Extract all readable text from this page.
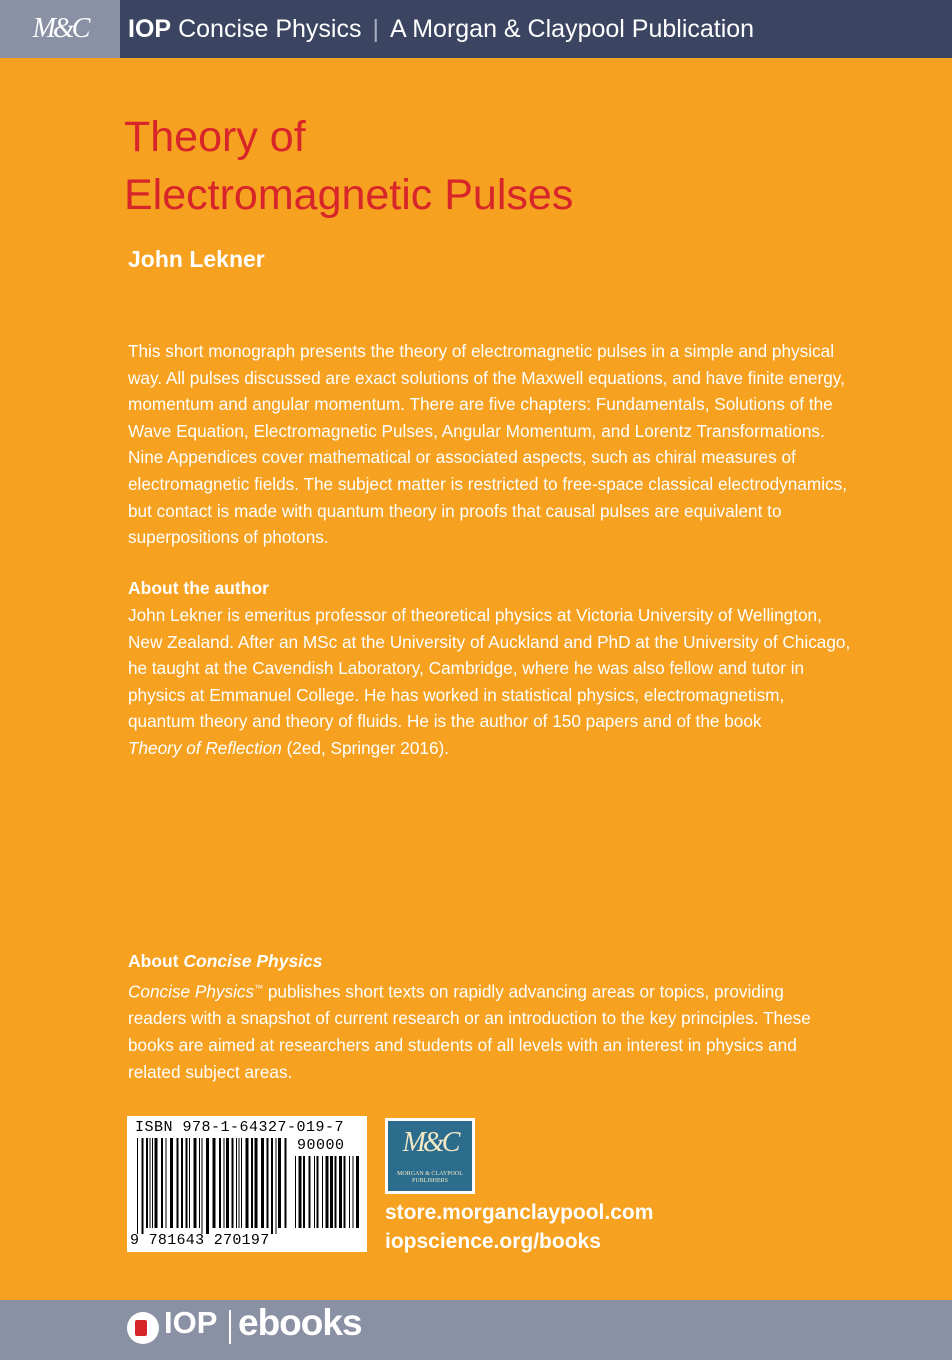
M&C IOP Concise Physics | A Morgan & Claypool Publication
Theory of
Electromagnetic Pulses
John Lekner
This short monograph presents the theory of electromagnetic pulses in a simple and physical
way. All pulses discussed are exact solutions of the Maxwell equations, and have finite energy,
momentum and angular momentum. There are five chapters: Fundamentals, Solutions of the
Wave Equation, Electromagnetic Pulses, Angular Momentum, and Lorentz Transformations.
Nine Appendices cover mathematical or associated aspects, such as chiral measures of
electromagnetic fields. The subject matter is restricted to free-space classical electrodynamics,
but contact is made with quantum theory in proofs that causal pulses are equivalent to
superpositions of photons.
About the author
John Lekner is emeritus professor of theoretical physics at Victoria University of Wellington,
New Zealand. After an MSc at the University of Auckland and PhD at the University of Chicago,
he taught at the Cavendish Laboratory, Cambridge, where he was also fellow and tutor in
physics at Emmanuel College. He has worked in statistical physics, electromagnetism,
quantum theory and theory of fluids. He is the author of 150 papers and of the book
Theory of Reflection (2ed, Springer 2016).
About Concise Physics
Concise Physics™ publishes short texts on rapidly advancing areas or topics, providing
readers with a snapshot of current research or an introduction to the key principles. These
books are aimed at researchers and students of all levels with an interest in physics and
related subject areas.
ISBN 978-1-64327-019-7
90000
9 781643 270197
M&C
MORGAN & CLAYPOOL
PUBLISHERS
store.morganclaypool.com
iopscience.org/books
IOP ebooks
